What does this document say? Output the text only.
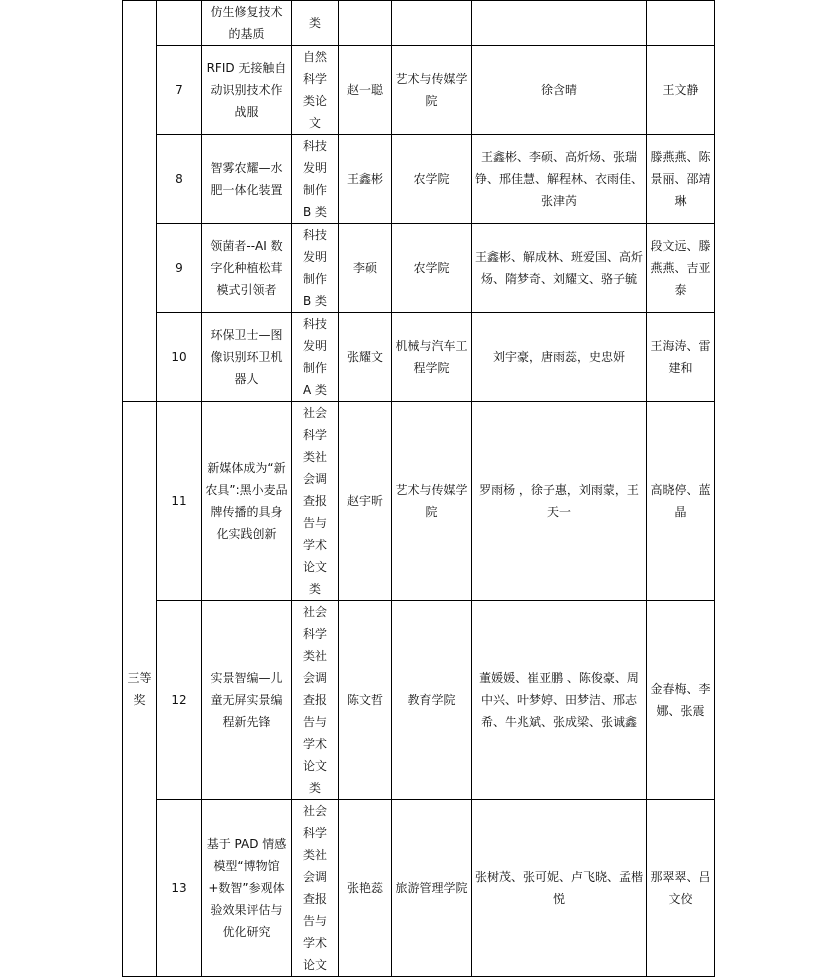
		仿生修复技术的基质	类				

	7	RFID 无接触自动识别技术作战服	自然科学类论文	赵一聪	艺术与传媒学院	徐含晴	王文静
	8	智雾农耀—水肥一体化装置	科技发明制作 B 类	王鑫彬	农学院	王鑫彬、李硕、高炘炀、张瑞铮、邢佳慧、解程林、衣雨佳、张津芮	滕燕燕、陈景丽、邵靖琳
	9	领菌者--AI 数字化种植松茸模式引领者	科技发明制作 B 类	李硕	农学院	王鑫彬、解成林、班爱国、高炘炀、隋梦奇、刘耀文、骆子毓	段文远、滕燕燕、吉亚泰
	10	环保卫士—图像识别环卫机器人	科技发明制作 A 类	张耀文	机械与汽车工程学院	刘宇豪，唐雨蕊，史忠妍	王海涛、雷建和
三等奖	11	新媒体成为“新农具”:黑小麦品牌传播的具身化实践创新	社会科学类社会调查报告与学术论文类	赵宇昕	艺术与传媒学院	罗雨杨 ，徐子惠，刘雨蒙，王天一	高晓停、蓝晶
	12	实景智编—儿童无屏实景编程新先锋	社会科学类社会调查报告与学术论文类	陈文哲	教育学院	董媛媛、崔亚鹏 、陈俊豪、周中兴、叶梦婷、田梦洁、邢志希、牛兆斌、张成梁、张诚鑫	金春梅、李娜、张震
	13	基于 PAD 情感模型“博物馆+数智”参观体验效果评估与优化研究	社会科学类社会调查报告与学术论文	张艳蕊	旅游管理学院	张树茂、张可妮、卢飞晓、孟楷悦	那翠翠、吕文佼
